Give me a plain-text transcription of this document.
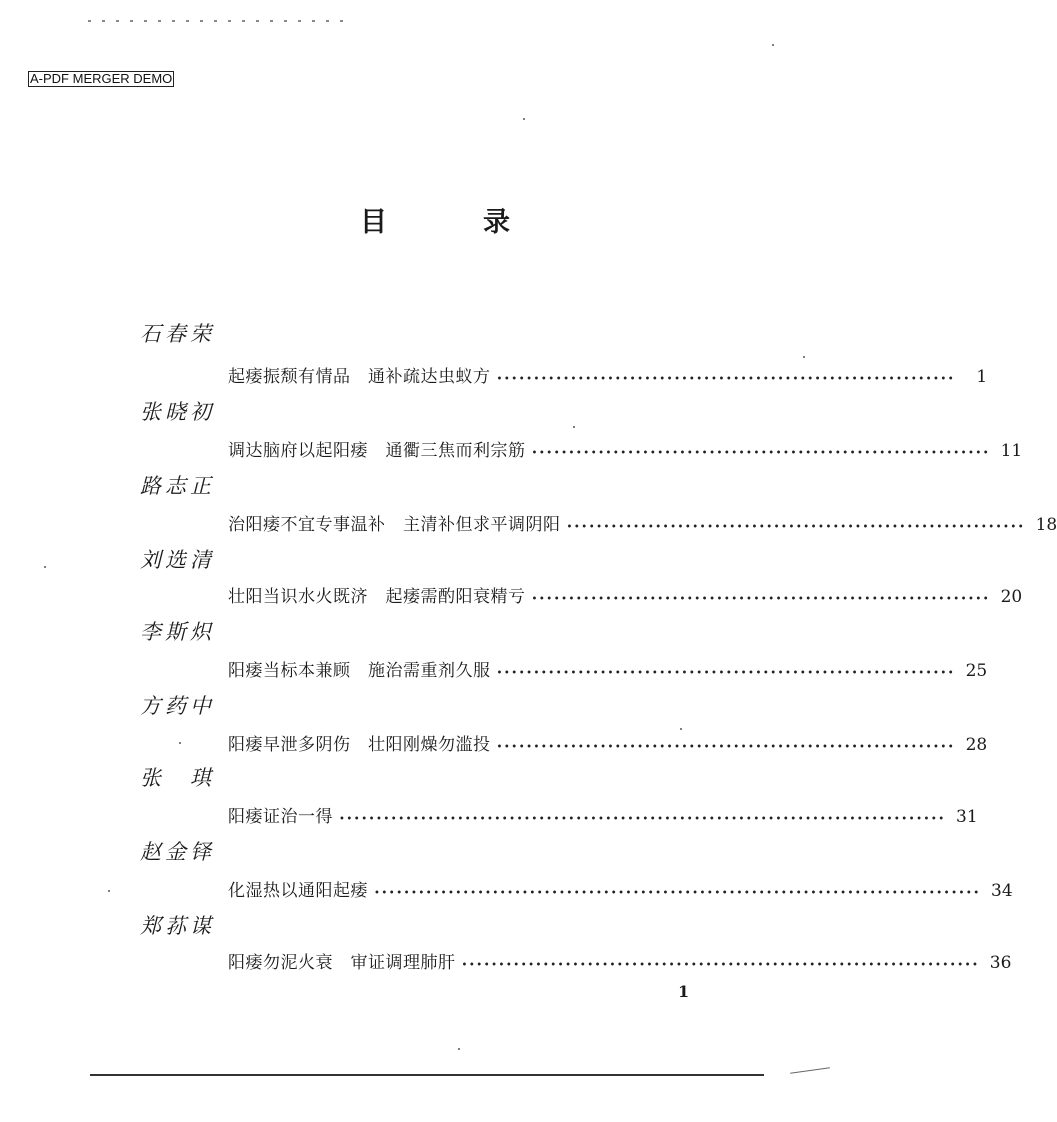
A-PDF MERGER DEMO
目	录
石春荣
起痿振颓有情品　通补疏达虫蚁方 ••••••••••••••••••••••••••••••••••••••••••••••••••••••••••••••	1
张晓初
调达脑府以起阳痿　通衢三焦而利宗筋 •••••••••••••••••••••••••••••••••••••••••••••••••••••••••••••• 11
路志正
治阳痿不宜专事温补　主清补但求平调阴阳 •••••••••••••••••••••••••••••••••••••••••••••••••••••••••••••• 18
刘选清
壮阳当识水火既济　起痿需酌阳衰精亏 •••••••••••••••••••••••••••••••••••••••••••••••••••••••••••••• 20
李斯炽
阳痿当标本兼顾　施治需重剂久服 •••••••••••••••••••••••••••••••••••••••••••••••••••••••••••••• 25
方药中
阳痿早泄多阴伤　壮阳刚燥勿滥投 •••••••••••••••••••••••••••••••••••••••••••••••••••••••••••••• 28
张　琪
阳痿证治一得 •••••••••••••••••••••••••••••••••••••••••••••••••••••••••••••••••••••••••••••••••• 31
赵金铎
化湿热以通阳起痿 •••••••••••••••••••••••••••••••••••••••••••••••••••••••••••••••••••••••••••••••••• 34
郑荪谋
阳痿勿泥火衰　审证调理肺肝 •••••••••••••••••••••••••••••••••••••••••••••••••••••••••••••••••••••• 36
1
